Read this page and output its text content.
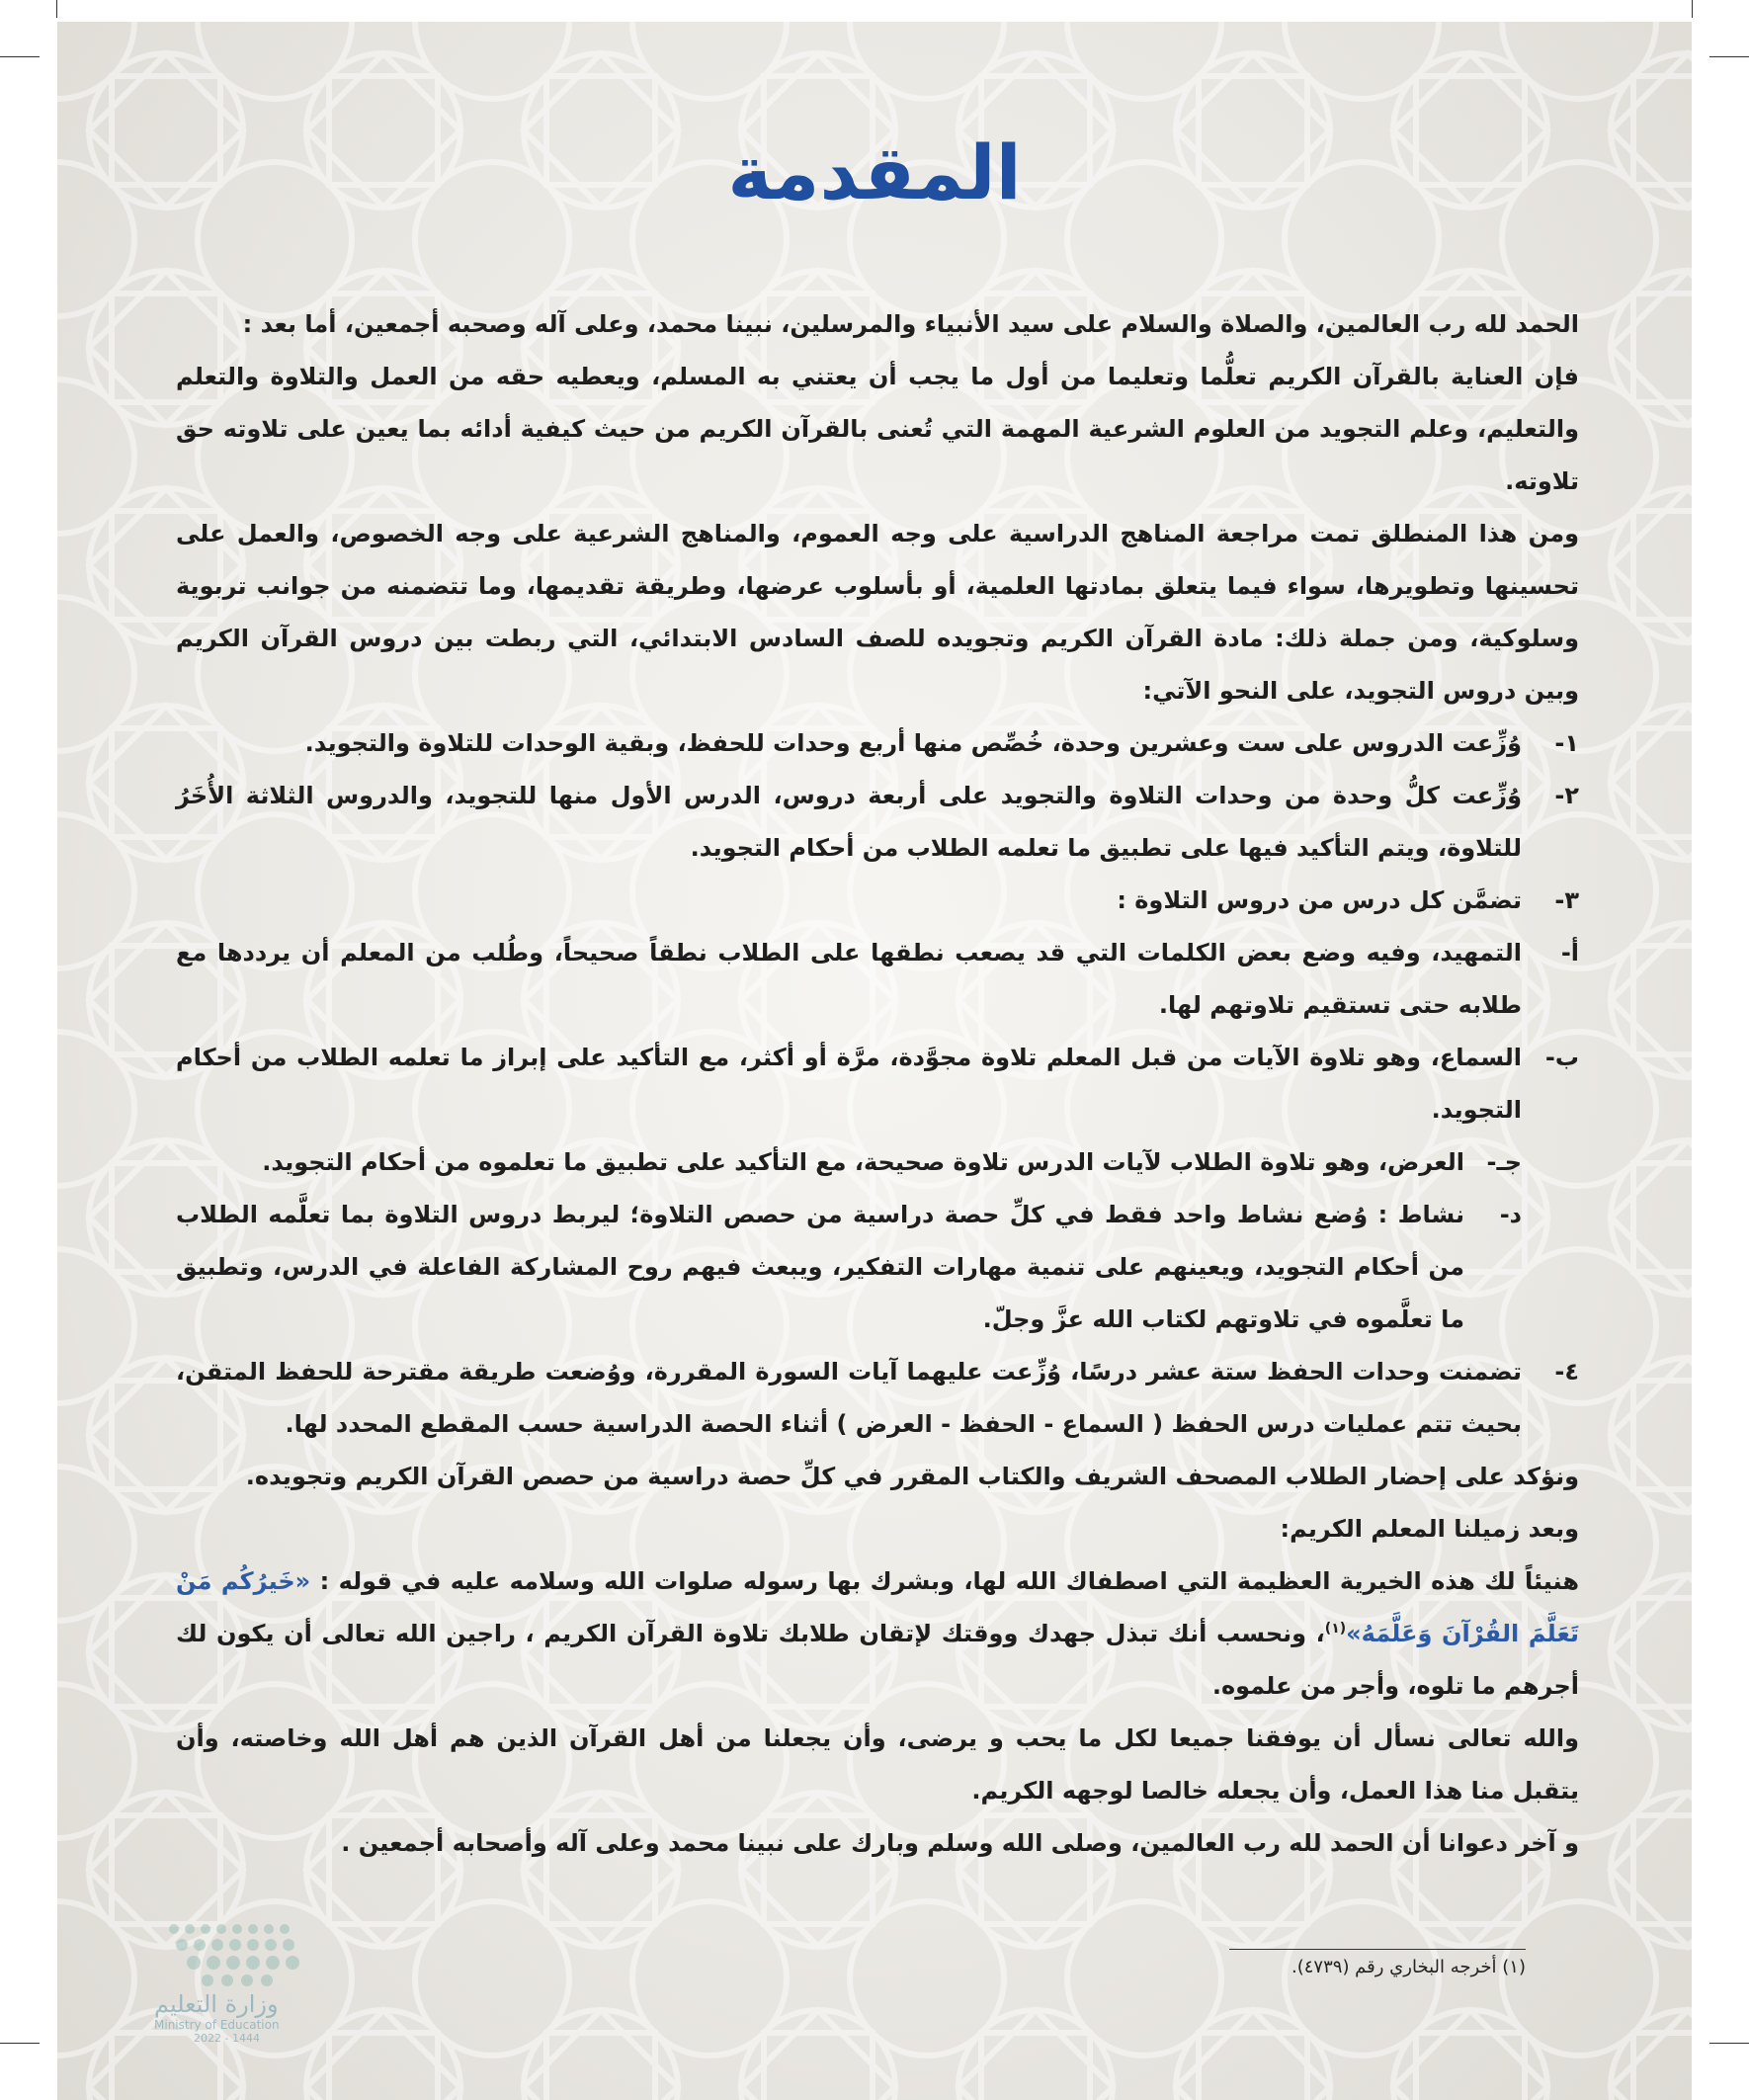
المقدمة

الحمد لله رب العالمين، والصلاة والسلام على سيد الأنبياء والمرسلين، نبينا محمد، وعلى آله وصحبه أجمعين، أما بعد :

فإن العناية بالقرآن الكريم تعلُّما وتعليما من أول ما يجب أن يعتني به المسلم، ويعطيه حقه من العمل والتلاوة والتعلم والتعليم، وعلم التجويد من العلوم الشرعية المهمة التي تُعنى بالقرآن الكريم من حيث كيفية أدائه بما يعين على تلاوته حق تلاوته.

ومن هذا المنطلق تمت مراجعة المناهج الدراسية على وجه العموم، والمناهج الشرعية على وجه الخصوص، والعمل على تحسينها وتطويرها، سواء فيما يتعلق بمادتها العلمية، أو بأسلوب عرضها، وطريقة تقديمها، وما تتضمنه من جوانب تربوية وسلوكية، ومن جملة ذلك: مادة القرآن الكريم وتجويده للصف السادس الابتدائي، التي ربطت بين دروس القرآن الكريم وبين دروس التجويد، على النحو الآتي:

١-
وُزِّعت الدروس على ست وعشرين وحدة، خُصِّص منها أربع وحدات للحفظ، وبقية الوحدات للتلاوة والتجويد.
٢-
وُزِّعت كلُّ وحدة من وحدات التلاوة والتجويد على أربعة دروس، الدرس الأول منها للتجويد، والدروس الثلاثة الأُخَرُ للتلاوة، ويتم التأكيد فيها على تطبيق ما تعلمه الطلاب من أحكام التجويد.
٣-
تضمَّن كل درس من دروس التلاوة :
أ-
التمهيد، وفيه وضع بعض الكلمات التي قد يصعب نطقها على الطلاب نطقاً صحيحاً، وطُلب من المعلم أن يرددها مع طلابه حتى تستقيم تلاوتهم لها.
ب-
السماع، وهو تلاوة الآيات من قبل المعلم تلاوة مجوَّدة، مرَّة أو أكثر، مع التأكيد على إبراز ما تعلمه الطلاب من أحكام التجويد.
جـ-
العرض، وهو تلاوة الطلاب لآيات الدرس تلاوة صحيحة، مع التأكيد على تطبيق ما تعلموه من أحكام التجويد.
د-
نشاط : وُضع نشاط واحد فقط في كلِّ حصة دراسية من حصص التلاوة؛ ليربط دروس التلاوة بما تعلَّمه الطلاب من أحكام التجويد، ويعينهم على تنمية مهارات التفكير، ويبعث فيهم روح المشاركة الفاعلة في الدرس، وتطبيق ما تعلَّموه في تلاوتهم لكتاب الله عزَّ وجلّ.
٤-
تضمنت وحدات الحفظ ستة عشر درسًا، وُزِّعت عليهما آيات السورة المقررة، ووُضعت طريقة مقترحة للحفظ المتقن، بحيث تتم عمليات درس الحفظ ( السماع - الحفظ - العرض ) أثناء الحصة الدراسية حسب المقطع المحدد لها.

ونؤكد على إحضار الطلاب المصحف الشريف والكتاب المقرر في كلِّ حصة دراسية من حصص القرآن الكريم وتجويده.

وبعد زميلنا المعلم الكريم:

هنيئاً لك هذه الخيرية العظيمة التي اصطفاك الله لها، وبشرك بها رسوله صلوات الله وسلامه عليه في قوله : «خَيرُكُم مَنْ تَعَلَّمَ القُرْآنَ وَعَلَّمَهُ»$^{(١)}$، ونحسب أنك تبذل جهدك ووقتك لإتقان طلابك تلاوة القرآن الكريم ، راجين الله تعالى أن يكون لك أجرهم ما تلوه، وأجر من علموه.

والله تعالى نسأل أن يوفقنا جميعا لكل ما يحب و يرضى، وأن يجعلنا من أهل القرآن الذين هم أهل الله وخاصته، وأن يتقبل منا هذا العمل، وأن يجعله خالصا لوجهه الكريم.

و آخر دعوانا أن الحمد لله رب العالمين، وصلى الله وسلم وبارك على نبينا محمد وعلى آله وأصحابه أجمعين .

(١) أخرجه البخاري رقم (٤٧٣٩).
وزارة التعليم
Ministry of Education
2022 - 1444
